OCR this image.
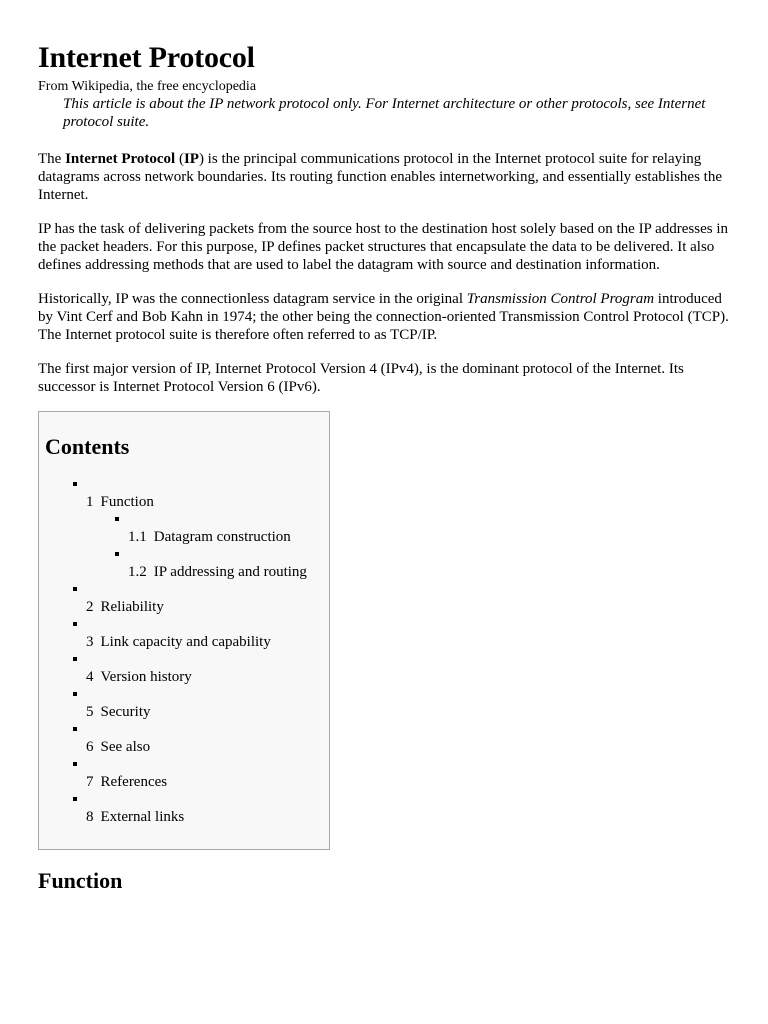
Internet Protocol
From Wikipedia, the free encyclopedia
This article is about the IP network protocol only. For Internet architecture or other protocols, see Internet protocol suite.

The Internet Protocol (IP) is the principal communications protocol in the Internet protocol suite for relaying datagrams across network boundaries. Its routing function enables internetworking, and essentially establishes the Internet.

IP has the task of delivering packets from the source host to the destination host solely based on the IP addresses in the packet headers. For this purpose, IP defines packet structures that encapsulate the data to be delivered. It also defines addressing methods that are used to label the datagram with source and destination information.

Historically, IP was the connectionless datagram service in the original Transmission Control Program introduced by Vint Cerf and Bob Kahn in 1974; the other being the connection-oriented Transmission Control Protocol (TCP). The Internet protocol suite is therefore often referred to as TCP/IP.

The first major version of IP, Internet Protocol Version 4 (IPv4), is the dominant protocol of the Internet. Its successor is Internet Protocol Version 6 (IPv6).

Contents
1 Function
1.1 Datagram construction
1.2 IP addressing and routing
2 Reliability
3 Link capacity and capability
4 Version history
5 Security
6 See also
7 References
8 External links
Function
